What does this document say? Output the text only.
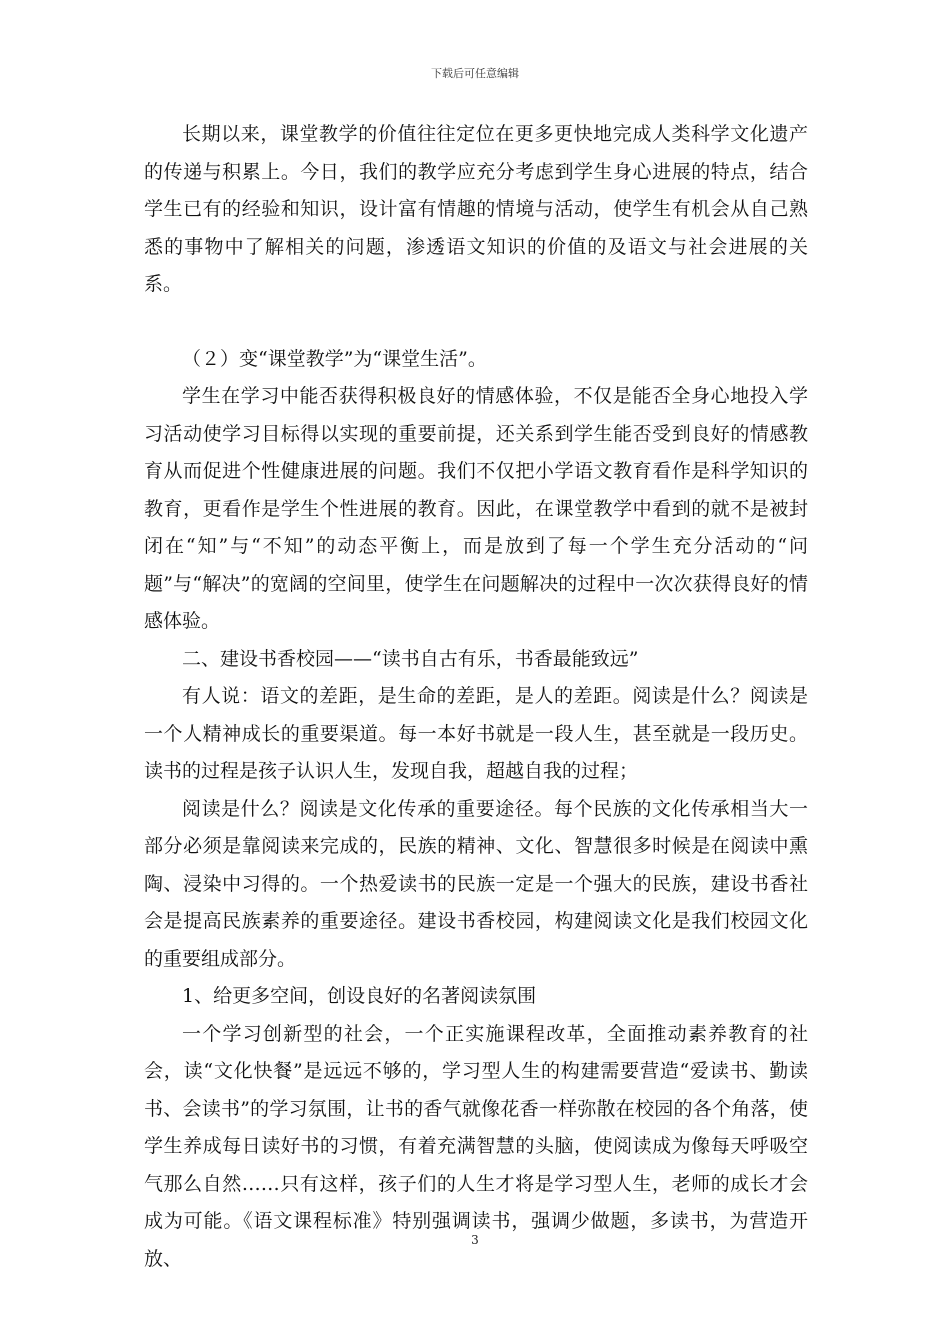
下载后可任意编辑

长期以来，课堂教学的价值往往定位在更多更快地完成人类科学文化遗产的传递与积累上。今日，我们的教学应充分考虑到学生身心进展的特点，结合学生已有的经验和知识，设计富有情趣的情境与活动，使学生有机会从自己熟悉的事物中了解相关的问题，渗透语文知识的价值的及语文与社会进展的关系。

（２）变“课堂教学”为“课堂生活”。

学生在学习中能否获得积极良好的情感体验，不仅是能否全身心地投入学习活动使学习目标得以实现的重要前提，还关系到学生能否受到良好的情感教育从而促进个性健康进展的问题。我们不仅把小学语文教育看作是科学知识的教育，更看作是学生个性进展的教育。因此，在课堂教学中看到的就不是被封闭在“知”与“不知”的动态平衡上，而是放到了每一个学生充分活动的“问题”与“解决”的宽阔的空间里，使学生在问题解决的过程中一次次获得良好的情感体验。

二、建设书香校园——“读书自古有乐，书香最能致远”

有人说：语文的差距，是生命的差距，是人的差距。阅读是什么？阅读是一个人精神成长的重要渠道。每一本好书就是一段人生，甚至就是一段历史。读书的过程是孩子认识人生，发现自我，超越自我的过程；

阅读是什么？阅读是文化传承的重要途径。每个民族的文化传承相当大一部分必须是靠阅读来完成的，民族的精神、文化、智慧很多时候是在阅读中熏陶、浸染中习得的。一个热爱读书的民族一定是一个强大的民族，建设书香社会是提高民族素养的重要途径。建设书香校园，构建阅读文化是我们校园文化的重要组成部分。

1、给更多空间，创设良好的名著阅读氛围

一个学习创新型的社会，一个正实施课程改革，全面推动素养教育的社会，读“文化快餐”是远远不够的，学习型人生的构建需要营造“爱读书、勤读书、会读书”的学习氛围，让书的香气就像花香一样弥散在校园的各个角落，使学生养成每日读好书的习惯，有着充满智慧的头脑，使阅读成为像每天呼吸空气那么自然……只有这样，孩子们的人生才将是学习型人生，老师的成长才会成为可能。《语文课程标准》特别强调读书，强调少做题，多读书，为营造开放、

3
